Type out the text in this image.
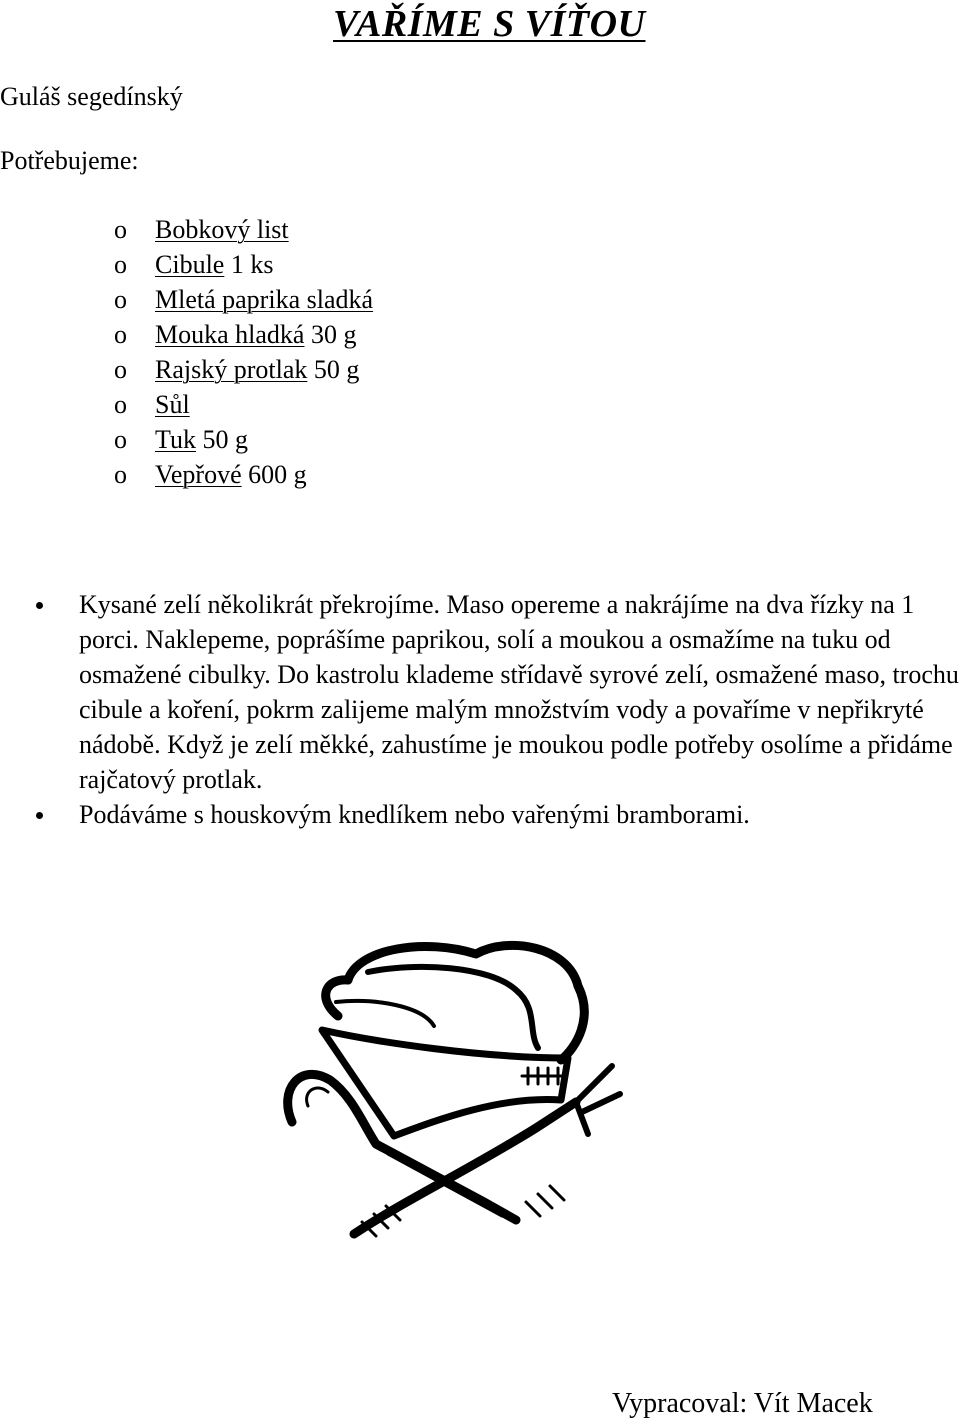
VAŘÍME S VÍŤOU
Guláš segedínský
Potřebujeme:
o Bobkový list
o Cibule 1 ks
o Mletá paprika sladká
o Mouka hladká 30 g
o Rajský protlak 50 g
o Sůl
o Tuk 50 g
o Vepřové 600 g
Kysané zelí několikrát překrojíme. Maso opereme a nakrájíme na dva řízky na 1 porci. Naklepeme, poprášíme paprikou, solí a moukou a osmažíme na tuku od osmažené cibulky. Do kastrolu klademe střídavě syrové zelí, osmažené maso, trochu cibule a koření, pokrm zalijeme malým množstvím vody a povaříme v nepřikryté nádobě. Když je zelí měkké, zahustíme je moukou podle potřeby osolíme a přidáme rajčatový protlak.
Podáváme s houskovým knedlíkem nebo vařenými bramborami.
Vypracoval: Vít Macek
